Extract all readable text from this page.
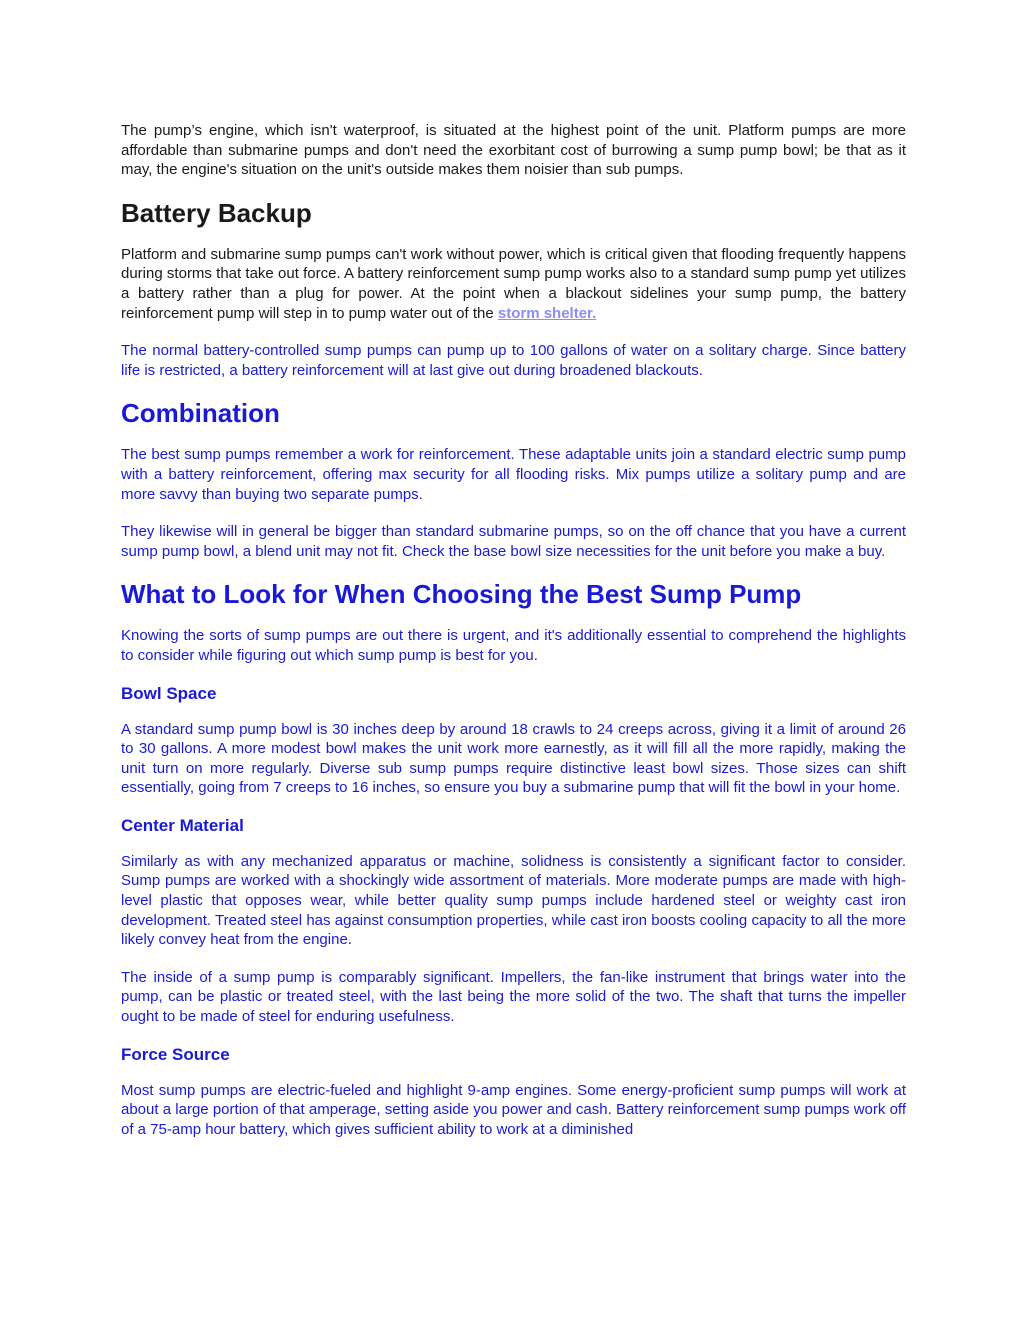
The pump’s engine, which isn't waterproof, is situated at the highest point of the unit. Platform pumps are more affordable than submarine pumps and don't need the exorbitant cost of burrowing a sump pump bowl; be that as it may, the engine's situation on the unit's outside makes them noisier than sub pumps.

Battery Backup

Platform and submarine sump pumps can't work without power, which is critical given that flooding frequently happens during storms that take out force. A battery reinforcement sump pump works also to a standard sump pump yet utilizes a battery rather than a plug for power. At the point when a blackout sidelines your sump pump, the battery reinforcement pump will step in to pump water out of the storm shelter.

The normal battery-controlled sump pumps can pump up to 100 gallons of water on a solitary charge. Since battery life is restricted, a battery reinforcement will at last give out during broadened blackouts.

Combination

The best sump pumps remember a work for reinforcement. These adaptable units join a standard electric sump pump with a battery reinforcement, offering max security for all flooding risks. Mix pumps utilize a solitary pump and are more savvy than buying two separate pumps.

They likewise will in general be bigger than standard submarine pumps, so on the off chance that you have a current sump pump bowl, a blend unit may not fit. Check the base bowl size necessities for the unit before you make a buy.

What to Look for When Choosing the Best Sump Pump

Knowing the sorts of sump pumps are out there is urgent, and it's additionally essential to comprehend the highlights to consider while figuring out which sump pump is best for you.

Bowl Space

A standard sump pump bowl is 30 inches deep by around 18 crawls to 24 creeps across, giving it a limit of around 26 to 30 gallons. A more modest bowl makes the unit work more earnestly, as it will fill all the more rapidly, making the unit turn on more regularly. Diverse sub sump pumps require distinctive least bowl sizes. Those sizes can shift essentially, going from 7 creeps to 16 inches, so ensure you buy a submarine pump that will fit the bowl in your home.

Center Material

Similarly as with any mechanized apparatus or machine, solidness is consistently a significant factor to consider. Sump pumps are worked with a shockingly wide assortment of materials. More moderate pumps are made with high-level plastic that opposes wear, while better quality sump pumps include hardened steel or weighty cast iron development. Treated steel has against consumption properties, while cast iron boosts cooling capacity to all the more likely convey heat from the engine.

The inside of a sump pump is comparably significant. Impellers, the fan-like instrument that brings water into the pump, can be plastic or treated steel, with the last being the more solid of the two. The shaft that turns the impeller ought to be made of steel for enduring usefulness.

Force Source

Most sump pumps are electric-fueled and highlight 9-amp engines. Some energy-proficient sump pumps will work at about a large portion of that amperage, setting aside you power and cash. Battery reinforcement sump pumps work off of a 75-amp hour battery, which gives sufficient ability to work at a diminished
